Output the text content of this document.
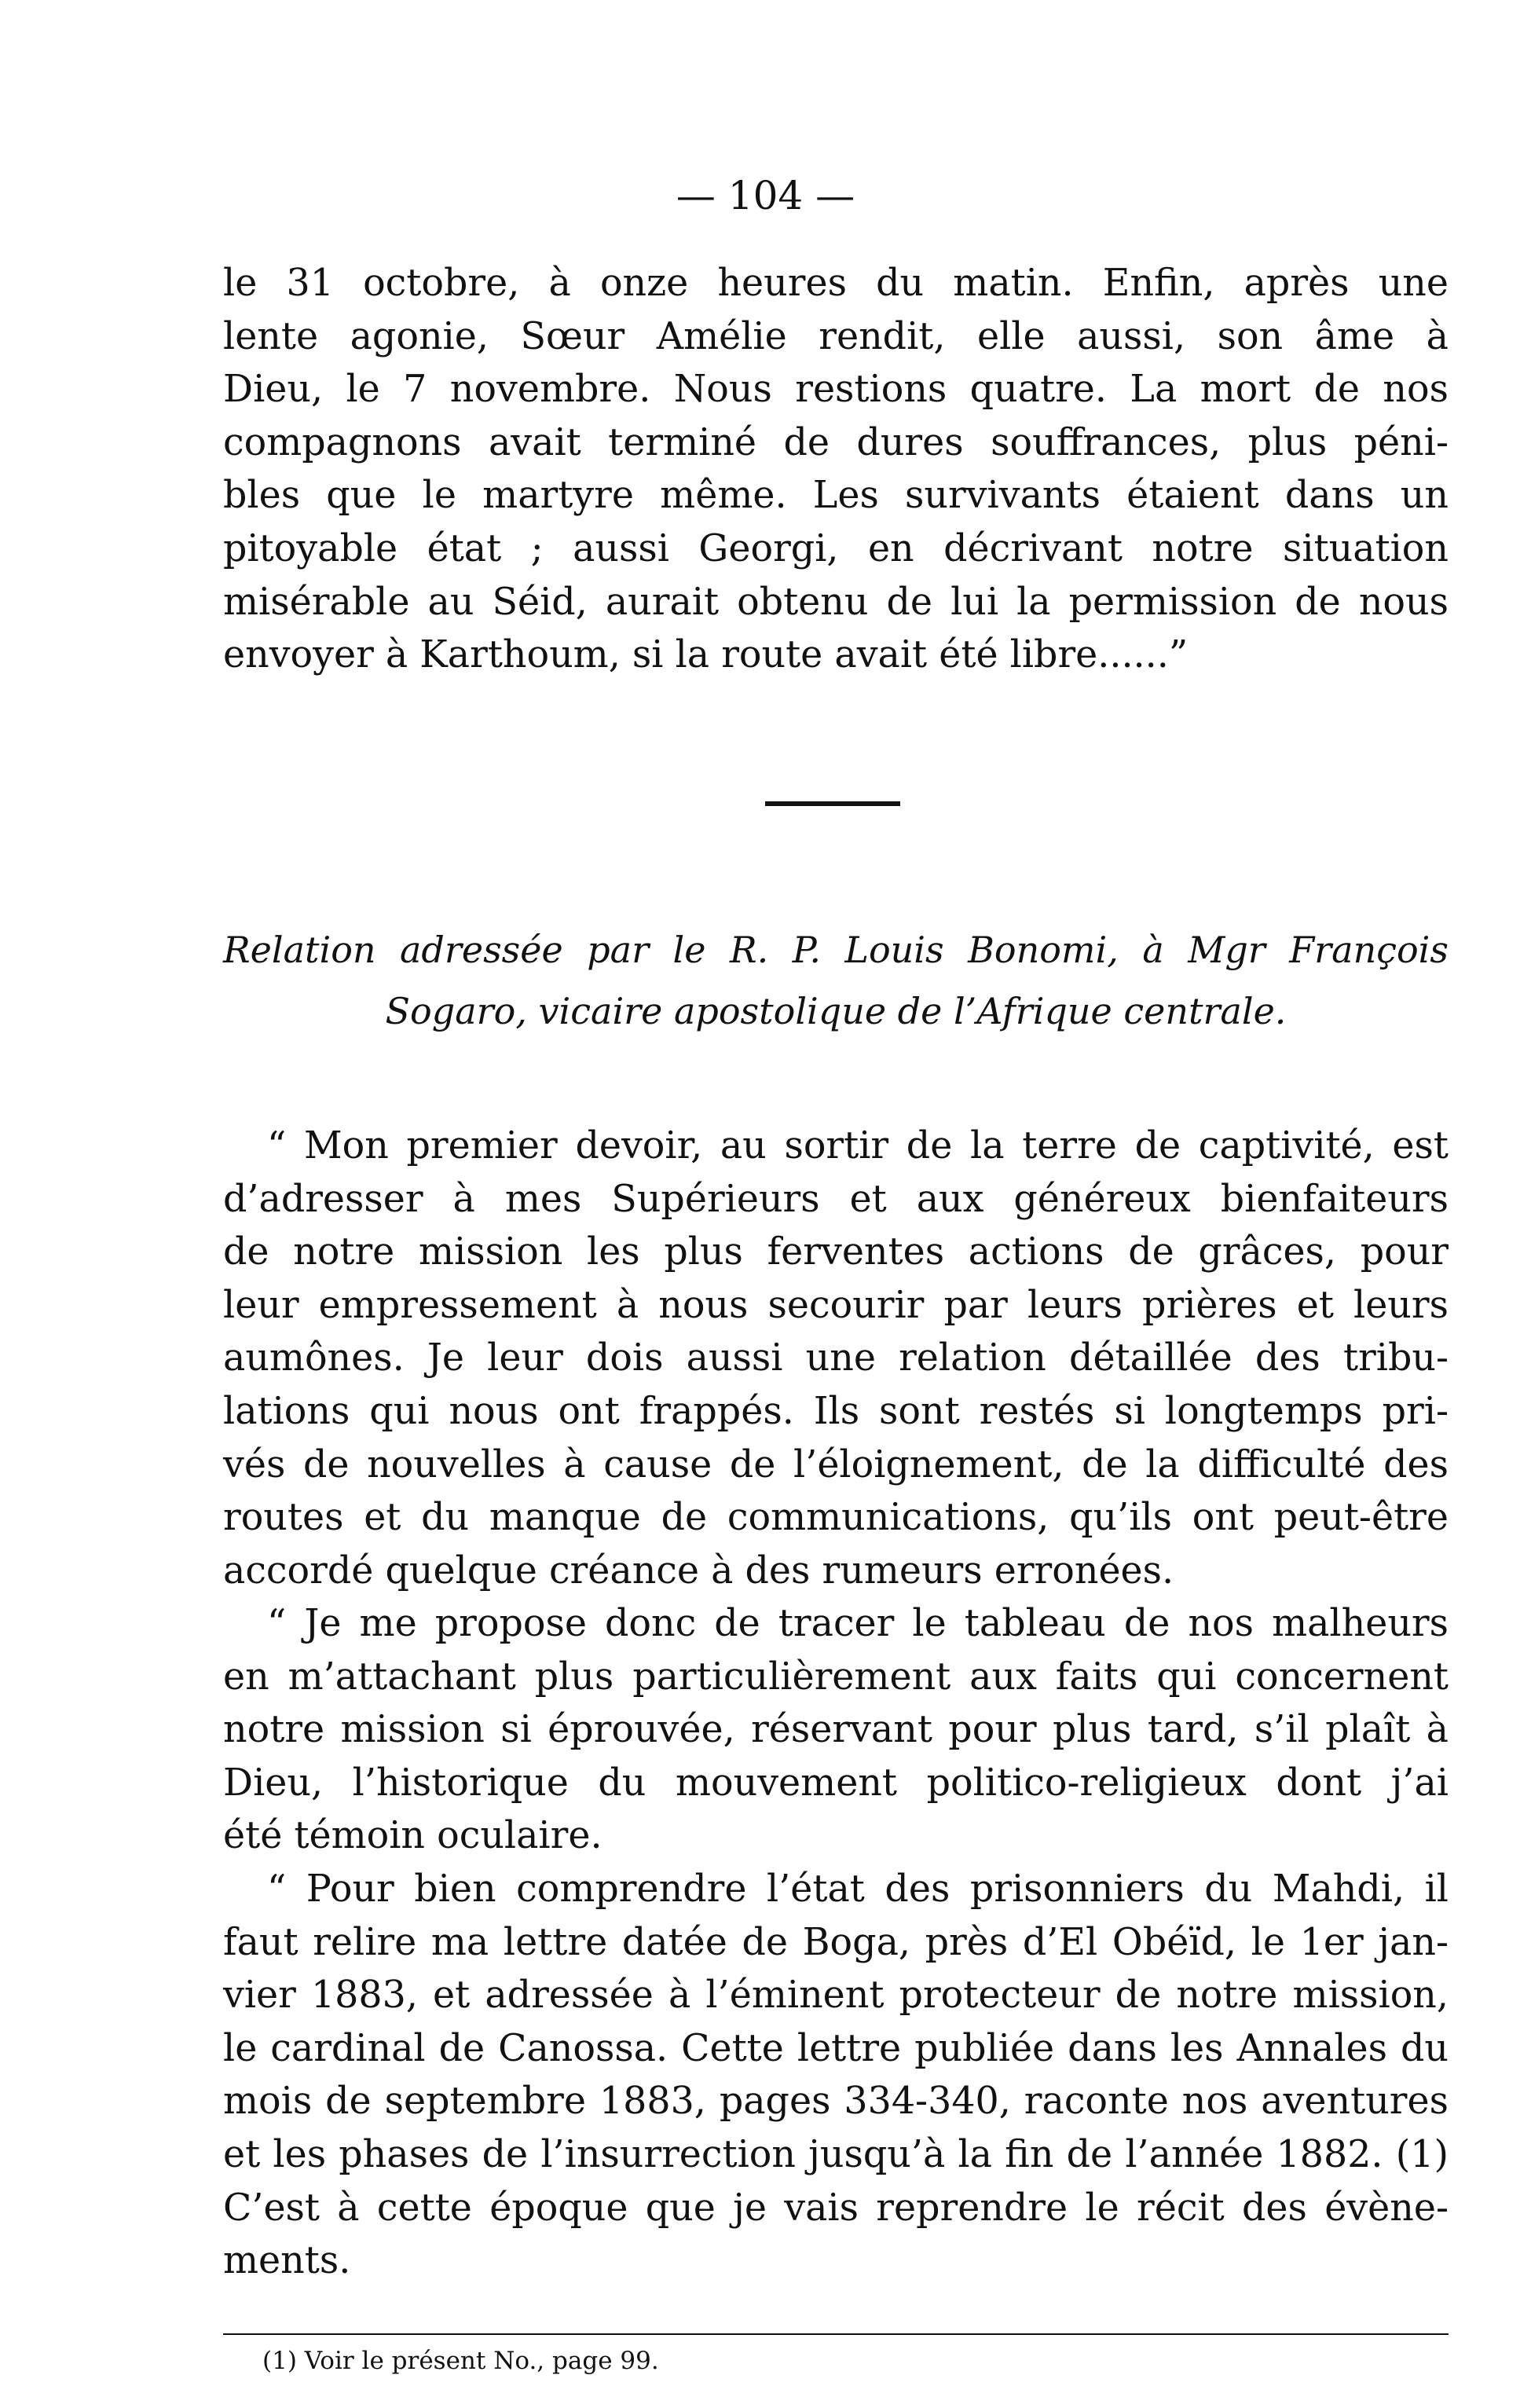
— 104 —
le 31 octobre, à onze heures du matin. Enfin, après une
lente agonie, Sœur Amélie rendit, elle aussi, son âme à
Dieu, le 7 novembre. Nous restions quatre. La mort de nos
compagnons avait terminé de dures souffrances, plus péni-
bles que le martyre même. Les survivants étaient dans un
pitoyable état ; aussi Georgi, en décrivant notre situation
misérable au Séid, aurait obtenu de lui la permission de nous
envoyer à Karthoum, si la route avait été libre......”
Relation adressée par le R. P. Louis Bonomi, à Mgr François
Sogaro, vicaire apostolique de l’Afrique centrale.
“ Mon premier devoir, au sortir de la terre de captivité, est
d’adresser à mes Supérieurs et aux généreux bienfaiteurs
de notre mission les plus ferventes actions de grâces, pour
leur empressement à nous secourir par leurs prières et leurs
aumônes. Je leur dois aussi une relation détaillée des tribu-
lations qui nous ont frappés. Ils sont restés si longtemps pri-
vés de nouvelles à cause de l’éloignement, de la difficulté des
routes et du manque de communications, qu’ils ont peut-être
accordé quelque créance à des rumeurs erronées.
“ Je me propose donc de tracer le tableau de nos malheurs
en m’attachant plus particulièrement aux faits qui concernent
notre mission si éprouvée, réservant pour plus tard, s’il plaît à
Dieu, l’historique du mouvement politico-religieux dont j’ai
été témoin oculaire.
“ Pour bien comprendre l’état des prisonniers du Mahdi, il
faut relire ma lettre datée de Boga, près d’El Obéïd, le 1er jan-
vier 1883, et adressée à l’éminent protecteur de notre mission,
le cardinal de Canossa. Cette lettre publiée dans les Annales du
mois de septembre 1883, pages 334-340, raconte nos aventures
et les phases de l’insurrection jusqu’à la fin de l’année 1882. (1)
C’est à cette époque que je vais reprendre le récit des évène-
ments.
(1) Voir le présent No., page 99.
